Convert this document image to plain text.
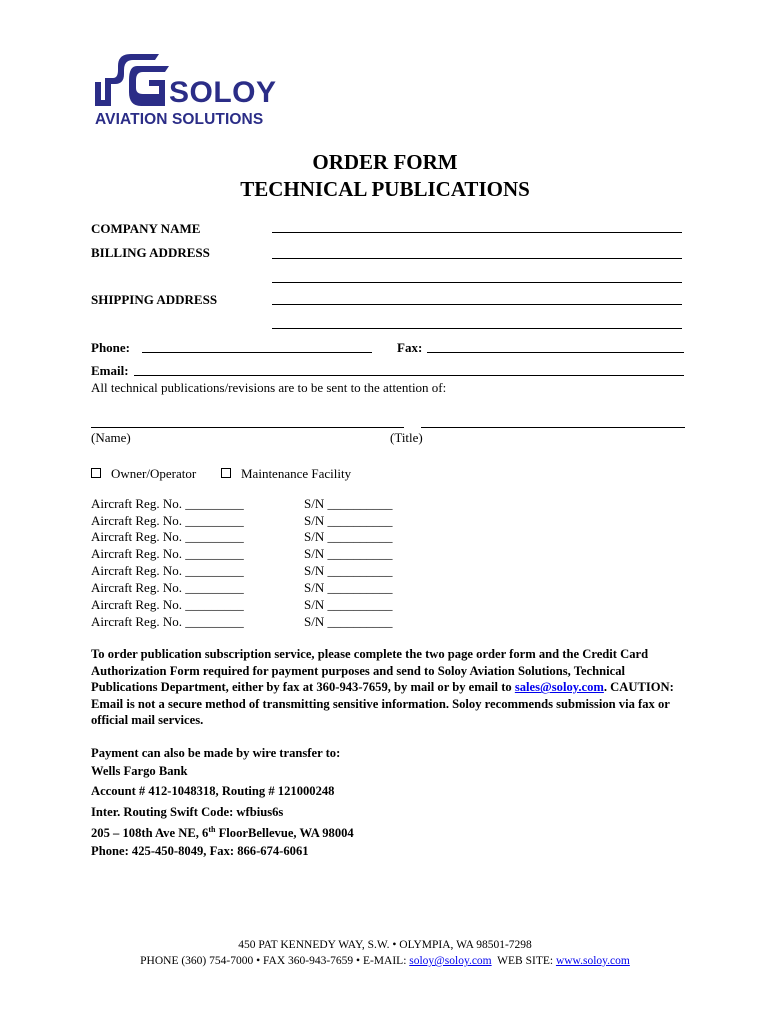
SOLOY
AVIATION SOLUTIONS
ORDER FORM
TECHNICAL PUBLICATIONS
COMPANY NAME
BILLING ADDRESS
SHIPPING ADDRESS
Phone:	Fax:
Email:
All technical publications/revisions are to be sent to the attention of:
(Name)	(Title)
Owner/Operator	Maintenance Facility
Aircraft Reg. No. _________	S/N __________
Aircraft Reg. No. _________	S/N __________
Aircraft Reg. No. _________	S/N __________
Aircraft Reg. No. _________	S/N __________
Aircraft Reg. No. _________	S/N __________
Aircraft Reg. No. _________	S/N __________
Aircraft Reg. No. _________	S/N __________
Aircraft Reg. No. _________	S/N __________
To order publication subscription service, please complete the two page order form and the Credit Card Authorization Form required for payment purposes and send to Soloy Aviation Solutions, Technical Publications Department, either by fax at 360-943-7659, by mail or by email to sales@soloy.com. CAUTION: Email is not a secure method of transmitting sensitive information. Soloy recommends submission via fax or official mail services.
Payment can also be made by wire transfer to:
Wells Fargo Bank
Account # 412-1048318, Routing # 121000248
Inter. Routing Swift Code: wfbius6s
205 – 108th Ave NE, 6th FloorBellevue, WA 98004
Phone: 425-450-8049, Fax: 866-674-6061
450 PAT KENNEDY WAY, S.W. • OLYMPIA, WA 98501-7298
PHONE (360) 754-7000 • FAX 360-943-7659 • E-MAIL: soloy@soloy.com  WEB SITE: www.soloy.com
